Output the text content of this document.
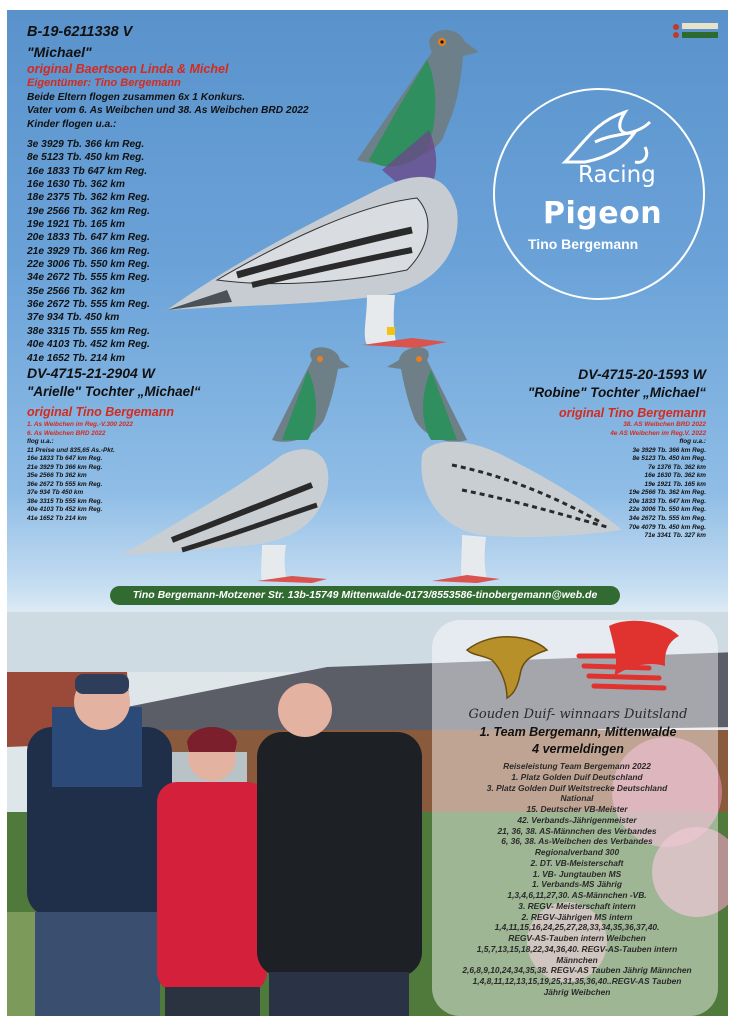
B-19-6211338 V
"Michael"
original Baertsoen Linda & Michel
Eigentümer: Tino Bergemann
Beide Eltern flogen zusammen 6x 1 Konkurs.
Vater vom 6. As Weibchen und 38. As Weibchen BRD 2022
Kinder flogen u.a.:
3e 3929 Tb. 366 km Reg.
8e 5123 Tb. 450 km Reg.
16e 1833 Tb 647 km Reg.
16e 1630 Tb. 362 km
18e 2375 Tb. 362 km Reg.
19e 2566 Tb. 362 km Reg.
19e 1921 Tb. 165 km
20e 1833 Tb. 647 km Reg.
21e 3929 Tb. 366 km Reg.
22e 3006 Tb. 550 km Reg.
34e 2672 Tb. 555 km Reg.
35e 2566 Tb. 362 km
36e 2672 Tb. 555 km Reg.
37e 934 Tb. 450 km
38e 3315 Tb. 555 km Reg.
40e 4103 Tb. 452 km Reg.
41e 1652 Tb. 214 km
Racing
Pigeon
Tino Bergemann
DV-4715-21-2904 W
"Arielle" Tochter „Michael“
original Tino Bergemann
1. As Weibchen im Reg.-V.300 2022
6. As Weibchen BRD 2022
flog u.a.:
11 Preise und 835,65 As.-Pkt.
16e 1833 Tb 647 km Reg.
21e 3929 Tb 366 km Reg.
35e 2566 Tb 362 km
36e 2672 Tb 555 km Reg.
37e 934 Tb 450 km
38e 3315 Tb 555 km Reg.
40e 4103 Tb 452 km Reg.
41e 1652 Tb 214 km
DV-4715-20-1593 W
"Robine" Tochter „Michael“
original Tino Bergemann
38. AS Weibchen BRD 2022
4e AS Weibchen im Reg.V. 2022
flog u.a.:
3e 3929 Tb. 366 km Reg.
8e 5123 Tb. 450 km Reg.
7e 1376 Tb. 362 km
16e 1630 Tb. 362 km
19e 1921 Tb. 165 km
19e 2566 Tb. 362 km Reg.
20e 1833 Tb. 647 km Reg.
22e 3006 Tb. 550 km Reg.
34e 2672 Tb. 555 km Reg.
70e 4079 Tb. 450 km Reg.
71e 3341 Tb. 327 km
Tino Bergemann-Motzener Str. 13b-15749 Mittenwalde-0173/8553586-tinobergemann@web.de
Gouden Duif- winnaars Duitsland
1. Team Bergemann, Mittenwalde
4 vermeldingen
Reiseleistung Team Bergemann 2022
1. Platz Golden Duif Deutschland
3. Platz Golden Duif Weitstrecke Deutschland
National
15. Deutscher VB-Meister
42. Verbands-Jährigenmeister
21, 36, 38. AS-Männchen des Verbandes
6, 36, 38. As-Weibchen des Verbandes
Regionalverband 300
2. DT. VB-Meisterschaft
1. VB- Jungtauben MS
1. Verbands-MS Jährig
1,3,4,6,11,27,30. AS-Männchen -VB.
3. REGV- Meisterschaft intern
2. REGV-Jährigen MS intern
1,4,11,15,16,24,25,27,28,33,34,35,36,37,40.
REGV-AS-Tauben intern Weibchen
1,5,7,13,15,18,22,34,36,40. REGV-AS-Tauben intern
Männchen
2,6,8,9,10,24,34,35,38. REGV-AS Tauben Jährig Männchen
1,4,8,11,12,13,15,19,25,31,35,36,40..REGV-AS Tauben
Jährig Weibchen
